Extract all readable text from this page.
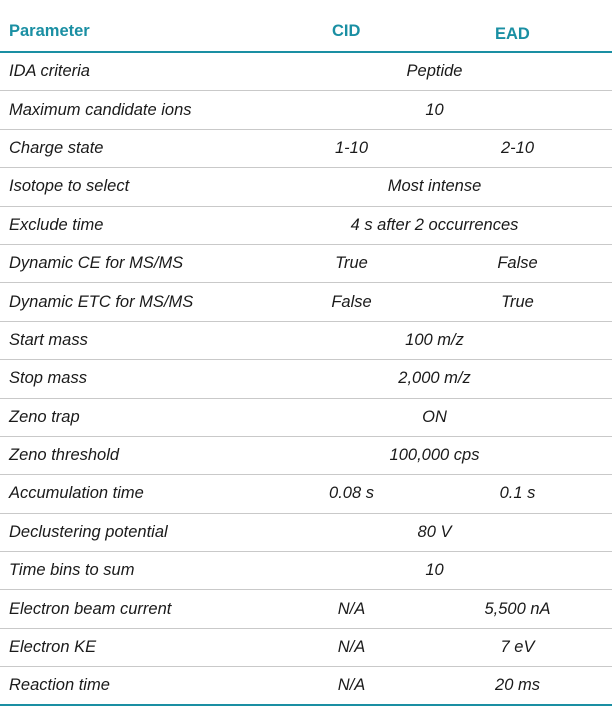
Parameter	CID	EAD
IDA criteria	Peptide
Maximum candidate ions	10
Charge state	1-10	2-10
Isotope to select	Most intense
Exclude time	4 s after 2 occurrences
Dynamic CE for MS/MS	True	False
Dynamic ETC for MS/MS	False	True
Start mass	100 m/z
Stop mass	2,000 m/z
Zeno trap	ON
Zeno threshold	100,000 cps
Accumulation time	0.08 s	0.1 s
Declustering potential	80 V
Time bins to sum	10
Electron beam current	N/A	5,500 nA
Electron KE	N/A	7 eV
Reaction time	N/A	20 ms
